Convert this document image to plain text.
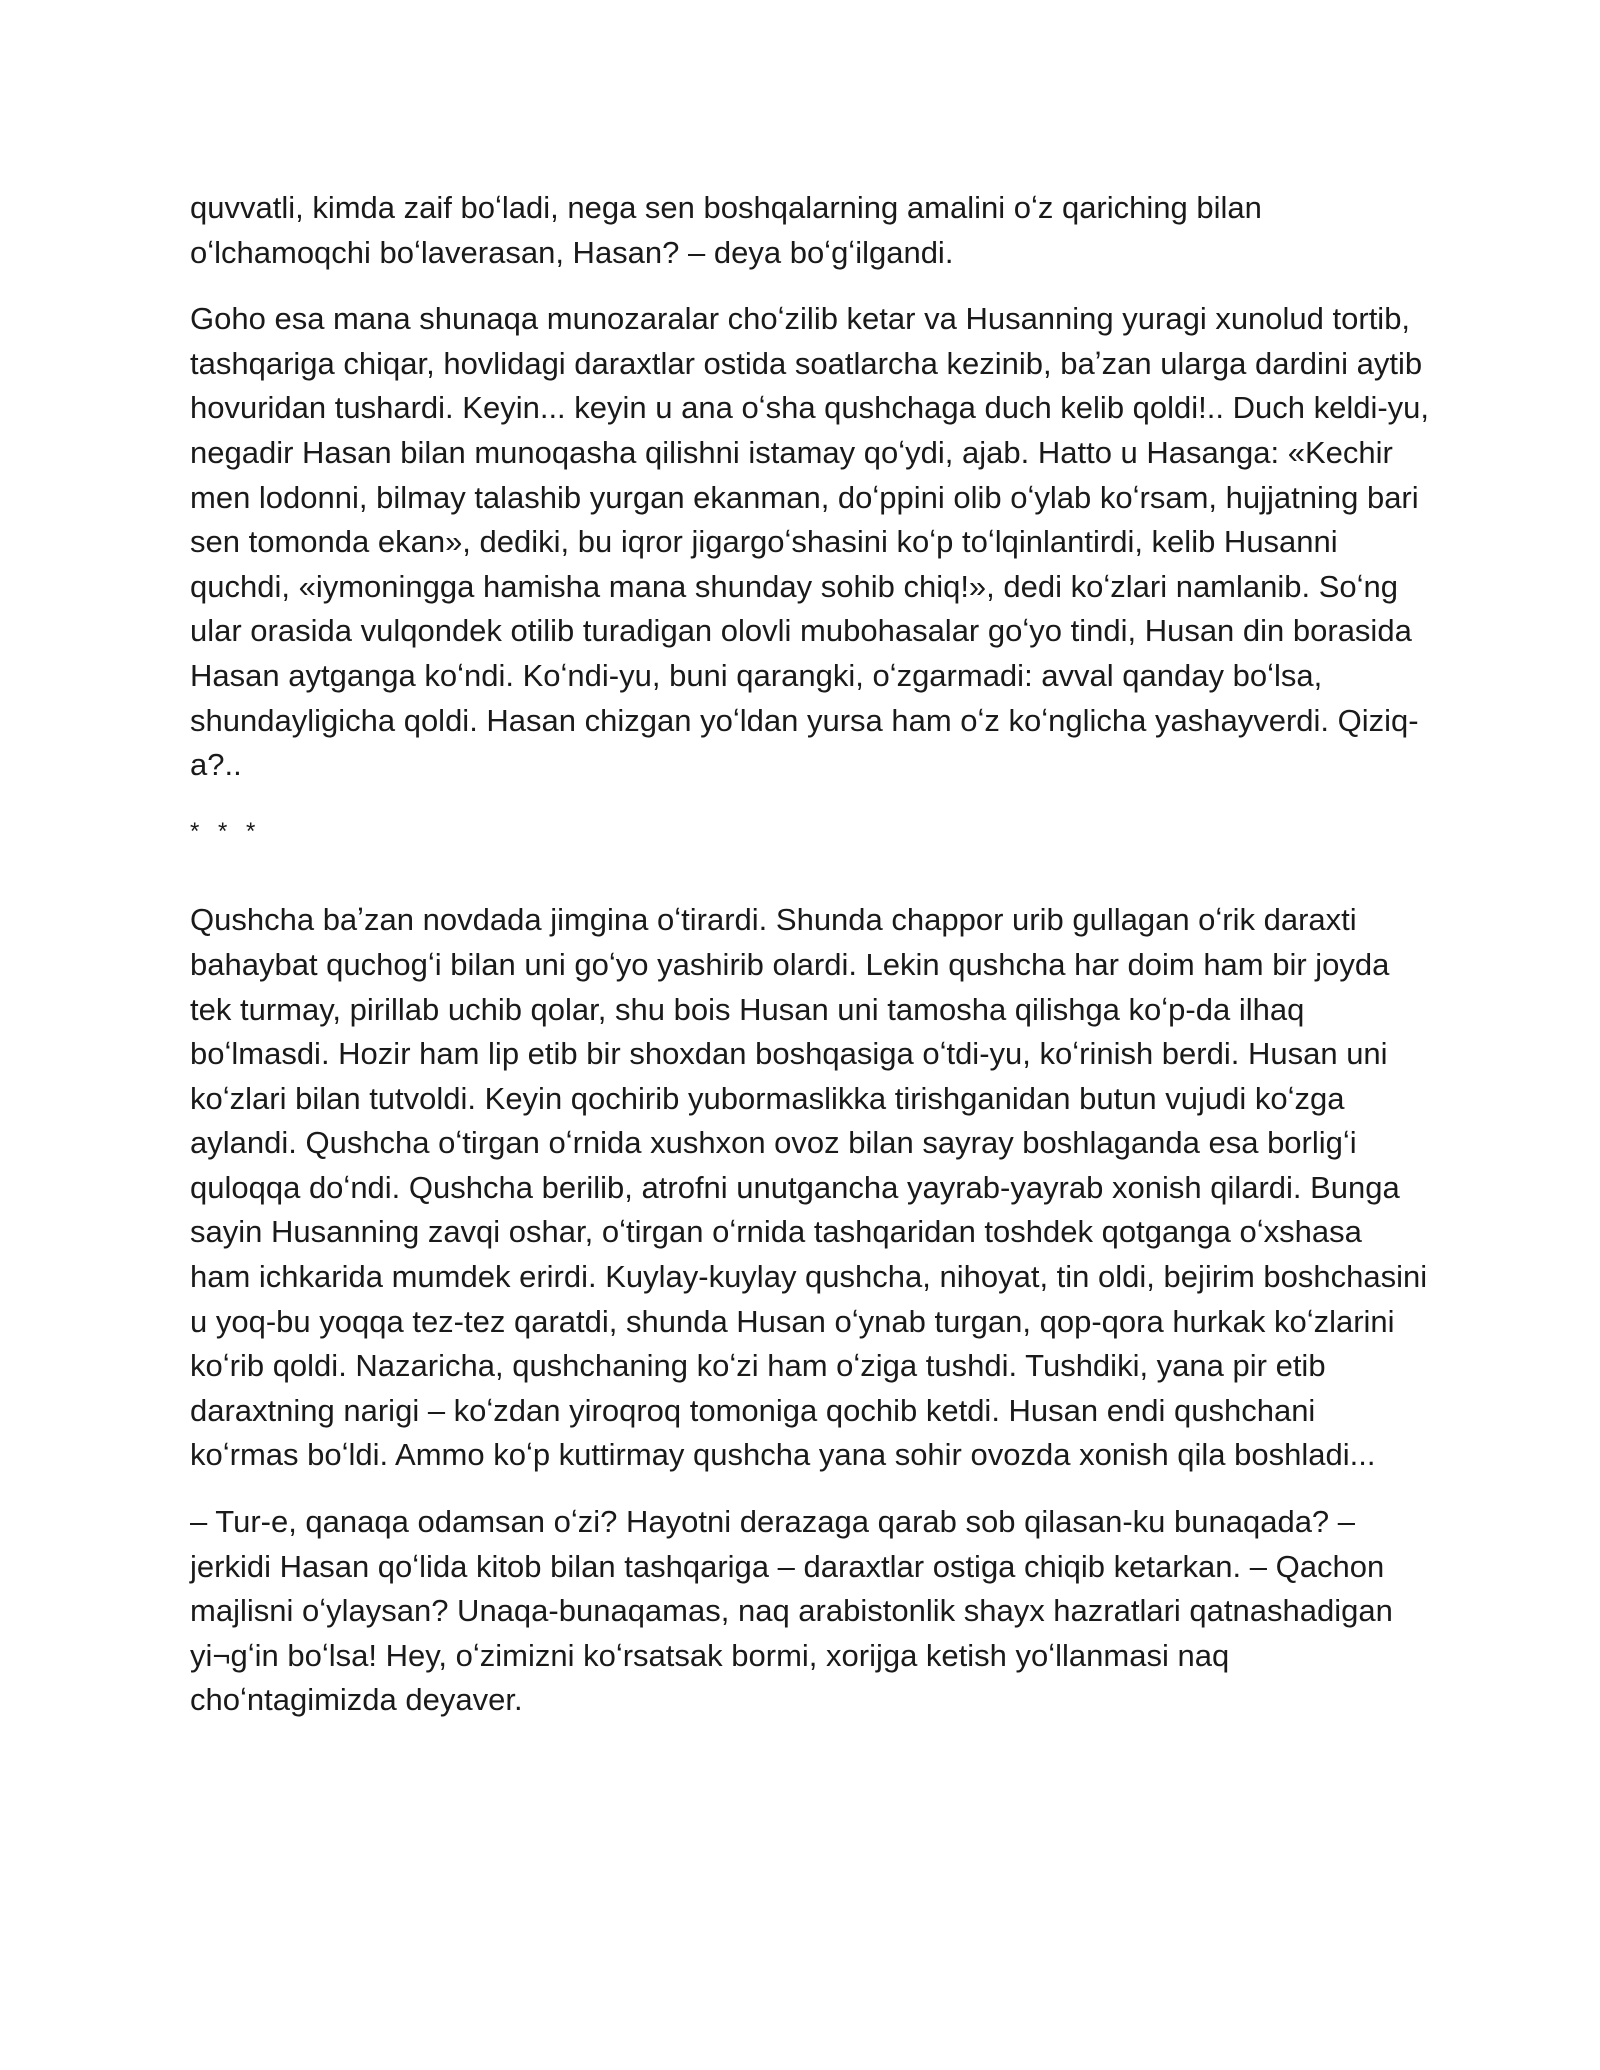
quvvatli, kimda zaif boʻladi, nega sen boshqalarning amalini oʻz qariching bilan oʻlchamoqchi boʻlaverasan, Hasan? – deya boʻgʻilgandi.

Goho esa mana shunaqa munozaralar choʻzilib ketar va Husanning yuragi xunolud tortib, tashqariga chiqar, hovlidagi daraxtlar ostida soatlarcha kezinib, baʼzan ularga dardini aytib hovuridan tushardi. Keyin... keyin u ana oʻsha qushchaga duch kelib qoldi!.. Duch keldi-yu, negadir Hasan bilan munoqasha qilishni istamay qoʻydi, ajab. Hatto u Hasanga: «Kechir men lodonni, bilmay talashib yurgan ekanman, doʻppini olib oʻylab koʻrsam, hujjatning bari sen tomonda ekan», dediki, bu iqror jigargoʻshasini koʻp toʻlqinlantirdi, kelib Husanni quchdi, «iymoningga hamisha mana shunday sohib chiq!», dedi koʻzlari namlanib. Soʻng ular orasida vulqondek otilib turadigan olovli mubohasalar goʻyo tindi, Husan din borasida Hasan aytganga koʻndi. Koʻndi-yu, buni qarangki, oʻzgarmadi: avval qanday boʻlsa, shundayligicha qoldi. Hasan chizgan yoʻldan yursa ham oʻz koʻnglicha yashayverdi. Qiziq-a?..

* * *

Qushcha baʼzan novdada jimgina oʻtirardi. Shunda chappor urib gullagan oʻrik daraxti bahaybat quchogʻi bilan uni goʻyo yashirib olardi. Lekin qushcha har doim ham bir joyda tek turmay, pirillab uchib qolar, shu bois Husan uni tamosha qilishga koʻp-da ilhaq boʻlmasdi. Hozir ham lip etib bir shoxdan boshqasiga oʻtdi-yu, koʻrinish berdi. Husan uni koʻzlari bilan tutvoldi. Keyin qochirib yubormaslikka tirishganidan butun vujudi koʻzga aylandi. Qushcha oʻtirgan oʻrnida xushxon ovoz bilan sayray boshlaganda esa borligʻi quloqqa doʻndi. Qushcha berilib, atrofni unutgancha yayrab-yayrab xonish qilardi. Bunga sayin Husanning zavqi oshar, oʻtirgan oʻrnida tashqaridan toshdek qotganga oʻxshasa ham ichkarida mumdek erirdi. Kuylay-kuylay qushcha, nihoyat, tin oldi, bejirim boshchasini u yoq-bu yoqqa tez-tez qaratdi, shunda Husan oʻynab turgan, qop-qora hurkak koʻzlarini koʻrib qoldi. Nazaricha, qushchaning koʻzi ham oʻziga tushdi. Tushdiki, yana pir etib daraxtning narigi – koʻzdan yiroqroq tomoniga qochib ketdi. Husan endi qushchani koʻrmas boʻldi. Ammo koʻp kuttirmay qushcha yana sohir ovozda xonish qila boshladi...

– Tur-e, qanaqa odamsan oʻzi? Hayotni derazaga qarab sob qilasan-ku bunaqada? – jerkidi Hasan qoʻlida kitob bilan tashqariga – daraxtlar ostiga chiqib ketarkan. – Qachon majlisni oʻylaysan? Unaqa-bunaqamas, naq arabistonlik shayx hazratlari qatnashadigan yi¬gʻin boʻlsa! Hey, oʻzimizni koʻrsatsak bormi, xorijga ketish yoʻllanmasi naq choʻntagimizda deyaver.
